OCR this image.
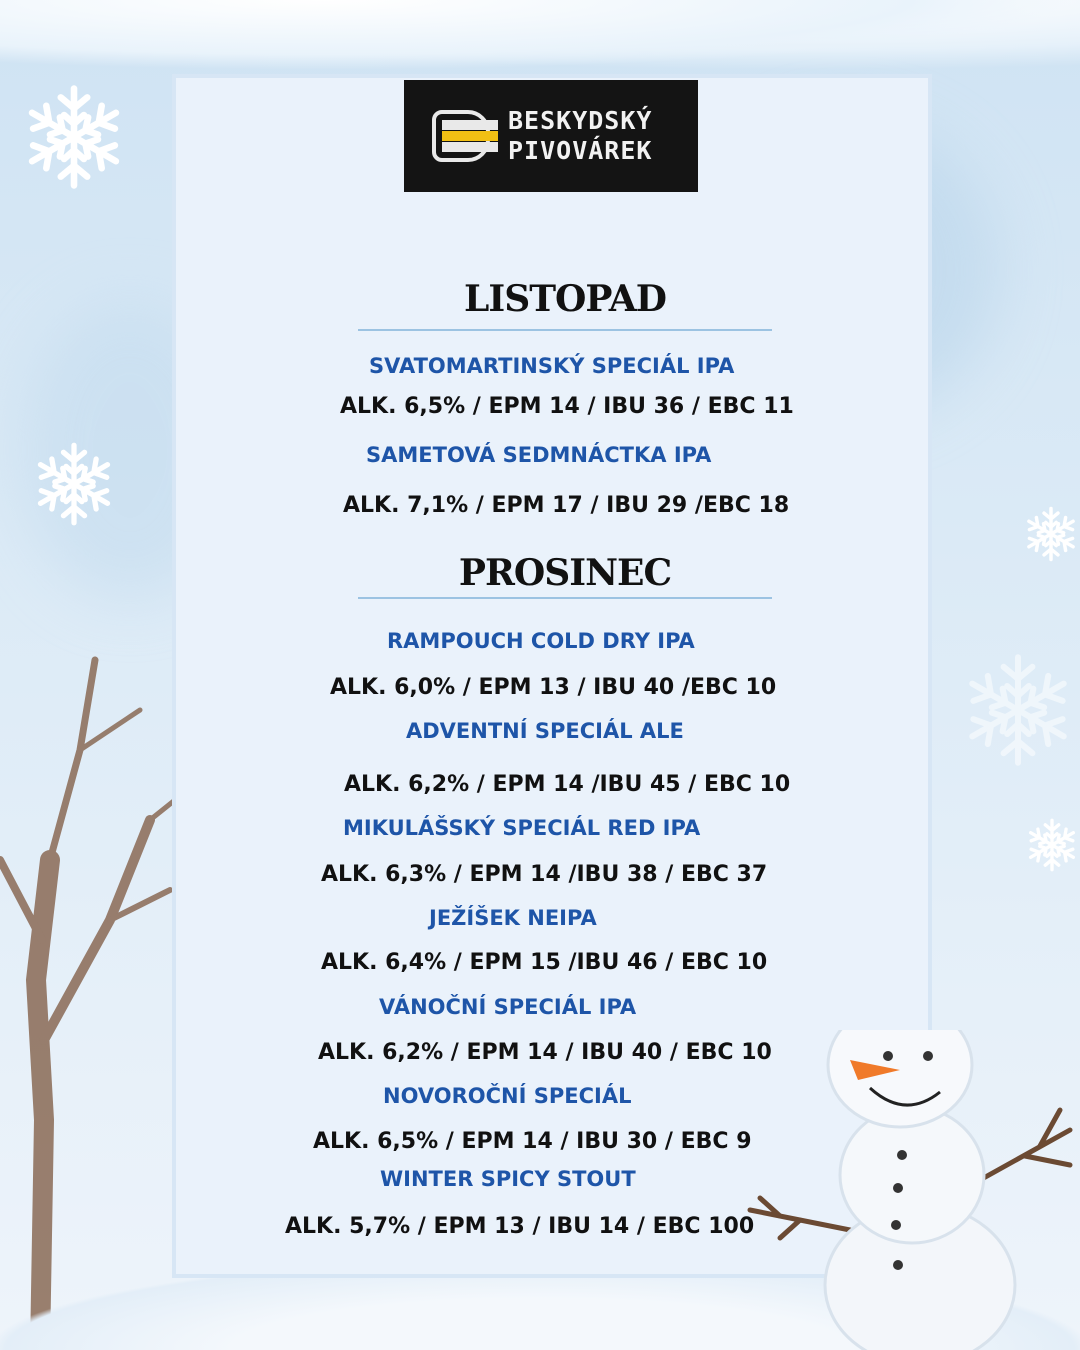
BESKYDSKÝ
PIVOVÁREK
LISTOPAD
SVATOMARTINSKÝ SPECIÁL IPA
ALK. 6,5% / EPM 14 / IBU 36 / EBC 11
SAMETOVÁ SEDMNÁCTKA IPA
ALK. 7,1% / EPM 17 / IBU 29 /EBC 18
PROSINEC
RAMPOUCH COLD DRY IPA
ALK. 6,0% / EPM 13 / IBU 40 /EBC 10
ADVENTNÍ SPECIÁL ALE
ALK. 6,2% / EPM 14 /IBU 45 / EBC 10
MIKULÁŠSKÝ SPECIÁL RED IPA
ALK. 6,3% / EPM 14 /IBU 38 / EBC 37
JEŽÍŠEK NEIPA
ALK. 6,4% / EPM 15 /IBU 46 / EBC 10
VÁNOČNÍ SPECIÁL IPA
ALK. 6,2% / EPM 14 / IBU 40 / EBC 10
NOVOROČNÍ SPECIÁL
ALK. 6,5% / EPM 14 / IBU 30 / EBC 9
WINTER SPICY STOUT
ALK. 5,7% / EPM 13 / IBU 14 / EBC 100
